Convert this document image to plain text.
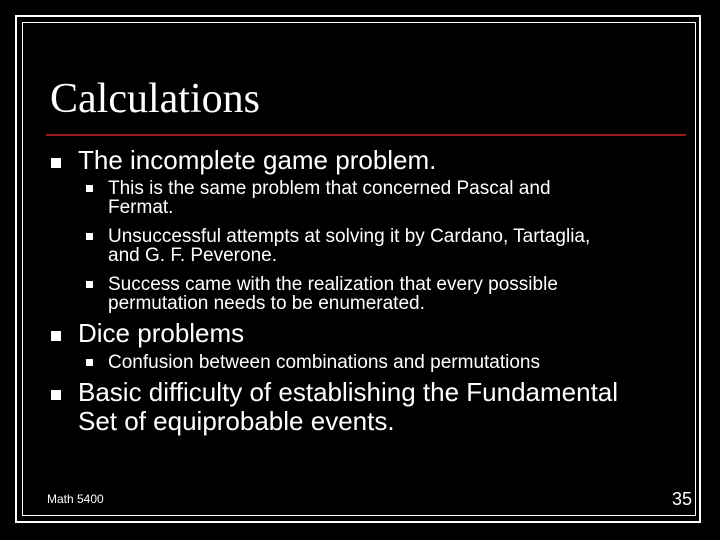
Calculations
The incomplete game problem.
This is the same problem that concerned Pascal and
Fermat.
Unsuccessful attempts at solving it by Cardano, Tartaglia,
and G. F. Peverone.
Success came with the realization that every possible
permutation needs to be enumerated.
Dice problems
Confusion between combinations and permutations
Basic difficulty of establishing the Fundamental
Set of equiprobable events.
Math 5400	35
